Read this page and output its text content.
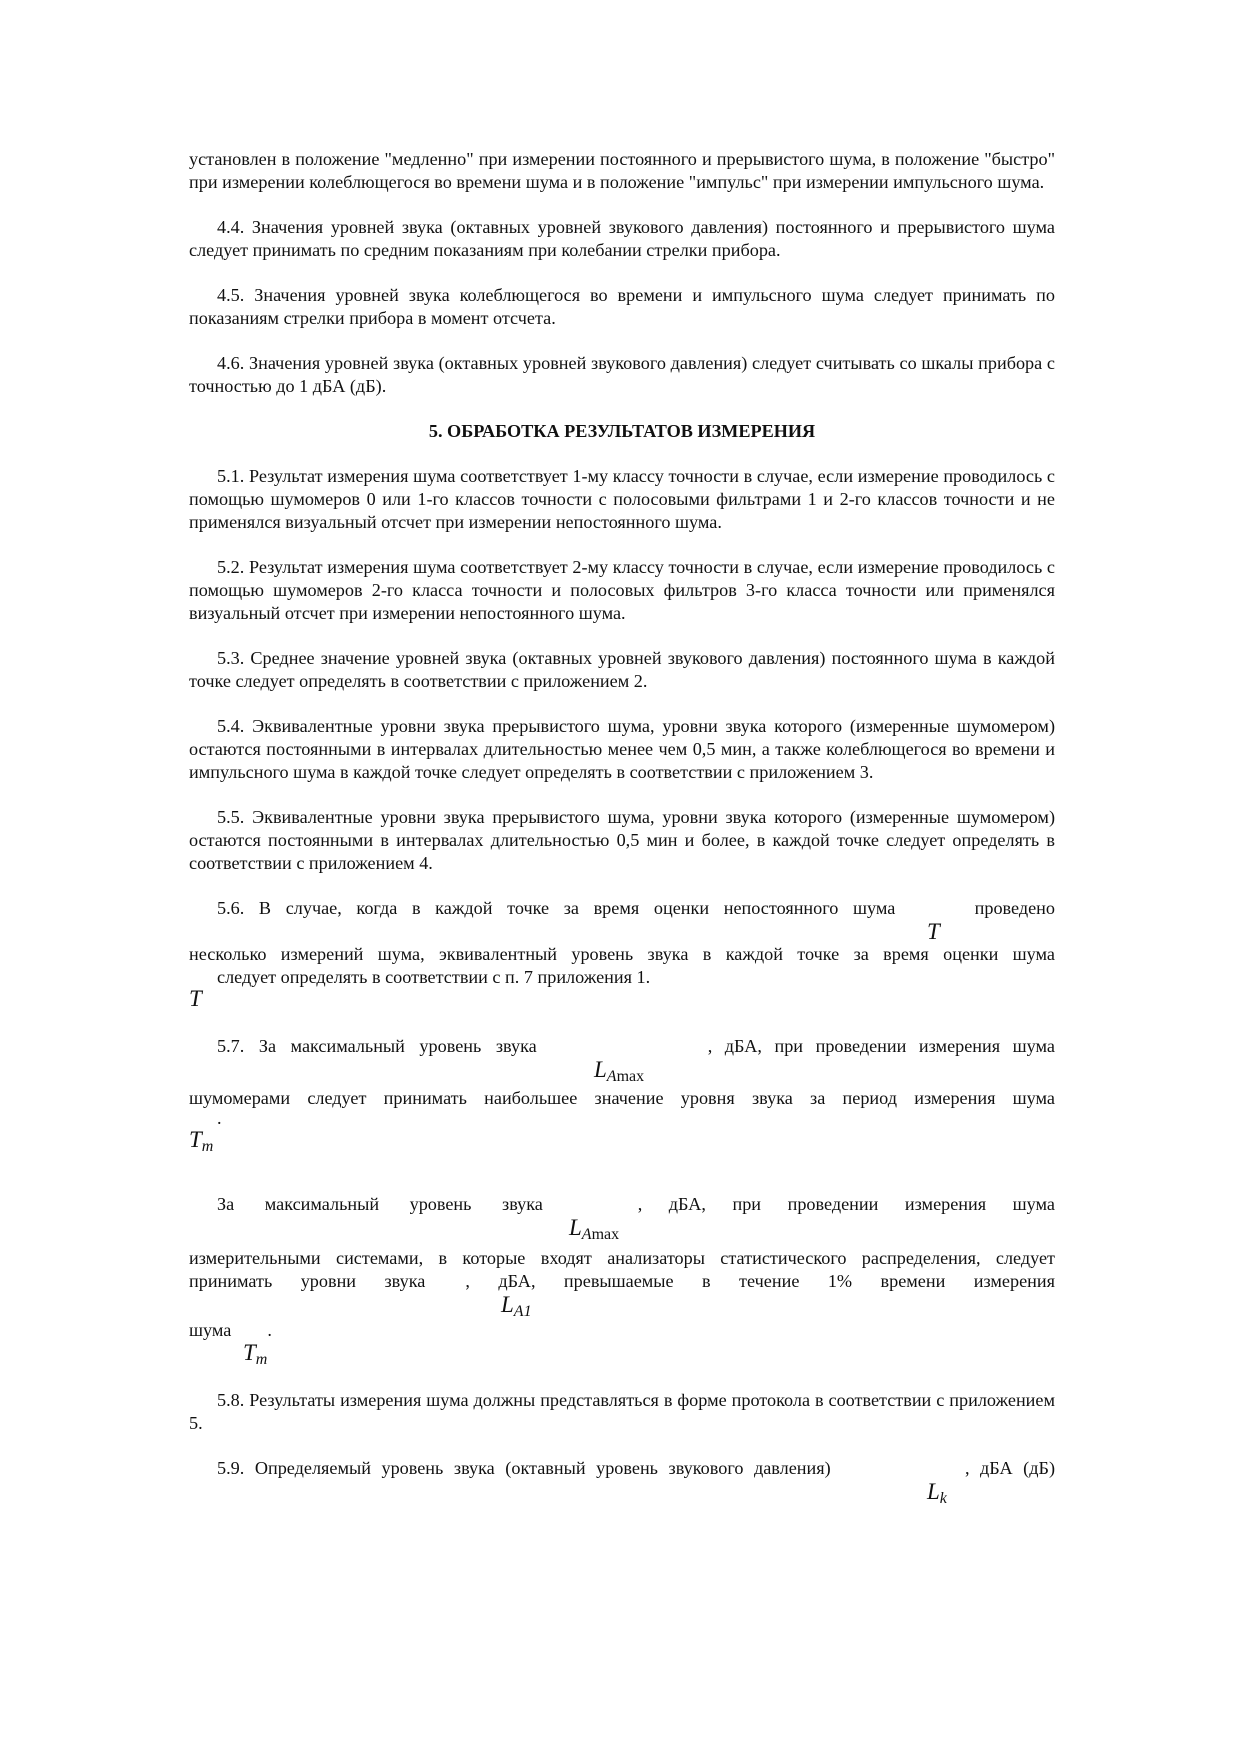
установлен в положение "медленно" при измерении постоянного и прерывистого шума, в положение "быстро" при измерении колеблющегося во времени шума и в положение "импульс" при измерении импульсного шума.

4.4. Значения уровней звука (октавных уровней звукового давления) постоянного и прерывистого шума следует принимать по средним показаниям при колебании стрелки прибора.

4.5. Значения уровней звука колеблющегося во времени и импульсного шума следует принимать по показаниям стрелки прибора в момент отсчета.

4.6. Значения уровней звука (октавных уровней звукового давления) следует считывать со шкалы прибора с точностью до 1 дБА (дБ).

5. ОБРАБОТКА РЕЗУЛЬТАТОВ ИЗМЕРЕНИЯ

5.1. Результат измерения шума соответствует 1-му классу точности в случае, если измерение проводилось с помощью шумомеров 0 или 1-го классов точности с полосовыми фильтрами 1 и 2-го классов точности и не применялся визуальный отсчет при измерении непостоянного шума.

5.2. Результат измерения шума соответствует 2-му классу точности в случае, если измерение проводилось с помощью шумомеров 2-го класса точности и полосовых фильтров 3-го класса точности или применялся визуальный отсчет при измерении непостоянного шума.

5.3. Среднее значение уровней звука (октавных уровней звукового давления) постоянного шума в каждой точке следует определять в соответствии с приложением 2.

5.4. Эквивалентные уровни звука прерывистого шума, уровни звука которого (измеренные шумомером) остаются постоянными в интервалах длительностью менее чем 0,5 мин, а также колеблющегося во времени и импульсного шума в каждой точке следует определять в соответствии с приложением 3.

5.5. Эквивалентные уровни звука прерывистого шума, уровни звука которого (измеренные шумомером) остаются постоянными в интервалах длительностью 0,5 мин и более, в каждой точке следует определять в соответствии с приложением 4.

5.6. В случае, когда в каждой точке за время оценки непостоянного шума	проведено
T
несколько измерений шума, эквивалентный уровень звука в каждой точке за время оценки шума
следует определять в соответствии с п. 7 приложения 1.
T
5.7. За максимальный уровень звука	, дБА, при проведении измерения шума
$L_{Amax}$
шумомерами следует принимать наибольшее значение уровня звука за период измерения шума
.
$T_m$
За максимальный уровень звука	, дБА, при проведении измерения шума
$L_{Amax}$
измерительными системами, в которые входят анализаторы статистического распределения, следует принимать уровни звука , дБА, превышаемые в течение 1% времени измерения
$L_{A1}$
шума .
$T_m$

5.8. Результаты измерения шума должны представляться в форме протокола в соответствии с приложением 5.

5.9. Определяемый уровень звука (октавный уровень звукового давления)	, дБА (дБ)
$L_k$
